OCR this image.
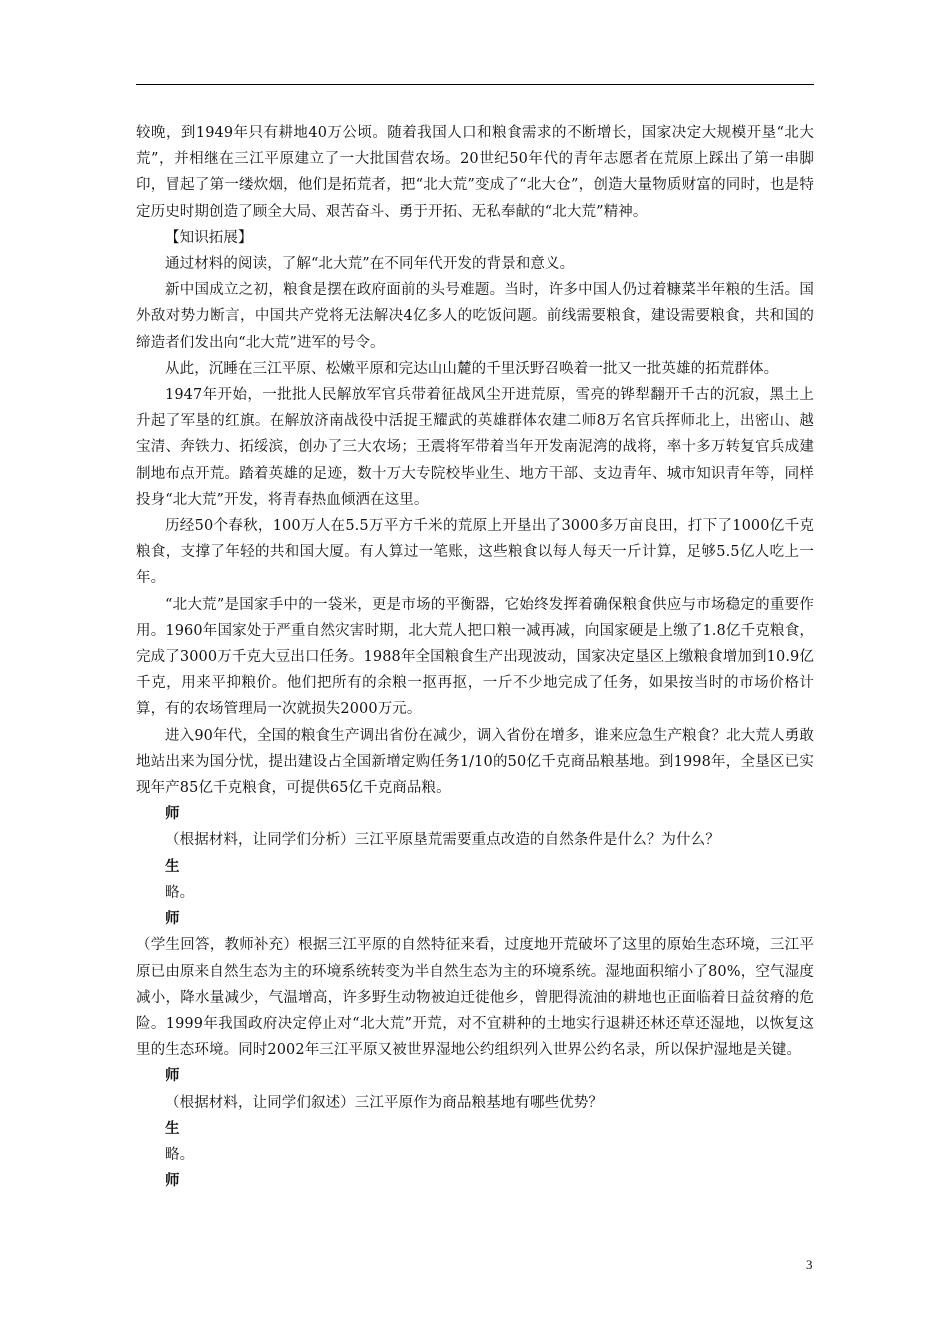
较晚，到1949年只有耕地40万公顷。随着我国人口和粮食需求的不断增长，国家决定大规模开垦“北大荒”，并相继在三江平原建立了一大批国营农场。20世纪50年代的青年志愿者在荒原上踩出了第一串脚印，冒起了第一缕炊烟，他们是拓荒者，把“北大荒”变成了“北大仓”，创造大量物质财富的同时，也是特定历史时期创造了顾全大局、艰苦奋斗、勇于开拓、无私奉献的“北大荒”精神。

【知识拓展】

通过材料的阅读，了解“北大荒”在不同年代开发的背景和意义。

新中国成立之初，粮食是摆在政府面前的头号难题。当时，许多中国人仍过着糠菜半年粮的生活。国外敌对势力断言，中国共产党将无法解决4亿多人的吃饭问题。前线需要粮食，建设需要粮食，共和国的缔造者们发出向“北大荒”进军的号令。

从此，沉睡在三江平原、松嫩平原和完达山山麓的千里沃野召唤着一批又一批英雄的拓荒群体。

1947年开始，一批批人民解放军官兵带着征战风尘开进荒原，雪亮的铧犁翻开千古的沉寂，黑土上升起了军垦的红旗。在解放济南战役中活捉王耀武的英雄群体农建二师8万名官兵挥师北上，出密山、越宝清、奔铁力、拓绥滨，创办了三大农场；王震将军带着当年开发南泥湾的战将，率十多万转复官兵成建制地布点开荒。踏着英雄的足迹，数十万大专院校毕业生、地方干部、支边青年、城市知识青年等，同样投身“北大荒”开发，将青春热血倾洒在这里。

历经50个春秋，100万人在5.5万平方千米的荒原上开垦出了3000多万亩良田，打下了1000亿千克粮食，支撑了年轻的共和国大厦。有人算过一笔账，这些粮食以每人每天一斤计算，足够5.5亿人吃上一年。

“北大荒”是国家手中的一袋米，更是市场的平衡器，它始终发挥着确保粮食供应与市场稳定的重要作用。1960年国家处于严重自然灾害时期，北大荒人把口粮一减再减，向国家硬是上缴了1.8亿千克粮食，完成了3000万千克大豆出口任务。1988年全国粮食生产出现波动，国家决定垦区上缴粮食增加到10.9亿千克，用来平抑粮价。他们把所有的余粮一抠再抠，一斤不少地完成了任务，如果按当时的市场价格计算，有的农场管理局一次就损失2000万元。

进入90年代，全国的粮食生产调出省份在减少，调入省份在增多，谁来应急生产粮食？北大荒人勇敢地站出来为国分忧，提出建设占全国新增定购任务1/10的50亿千克商品粮基地。到1998年，全垦区已实现年产85亿千克粮食，可提供65亿千克商品粮。

师

（根据材料，让同学们分析）三江平原垦荒需要重点改造的自然条件是什么？为什么？

生

略。

师

（学生回答，教师补充）根据三江平原的自然特征来看，过度地开荒破坏了这里的原始生态环境，三江平原已由原来自然生态为主的环境系统转变为半自然生态为主的环境系统。湿地面积缩小了80%，空气湿度减小，降水量减少，气温增高，许多野生动物被迫迁徙他乡，曾肥得流油的耕地也正面临着日益贫瘠的危险。1999年我国政府决定停止对“北大荒”开荒，对不宜耕种的土地实行退耕还林还草还湿地，以恢复这里的生态环境。同时2002年三江平原又被世界湿地公约组织列入世界公约名录，所以保护湿地是关键。

师

（根据材料，让同学们叙述）三江平原作为商品粮基地有哪些优势？

生

略。

师

3
